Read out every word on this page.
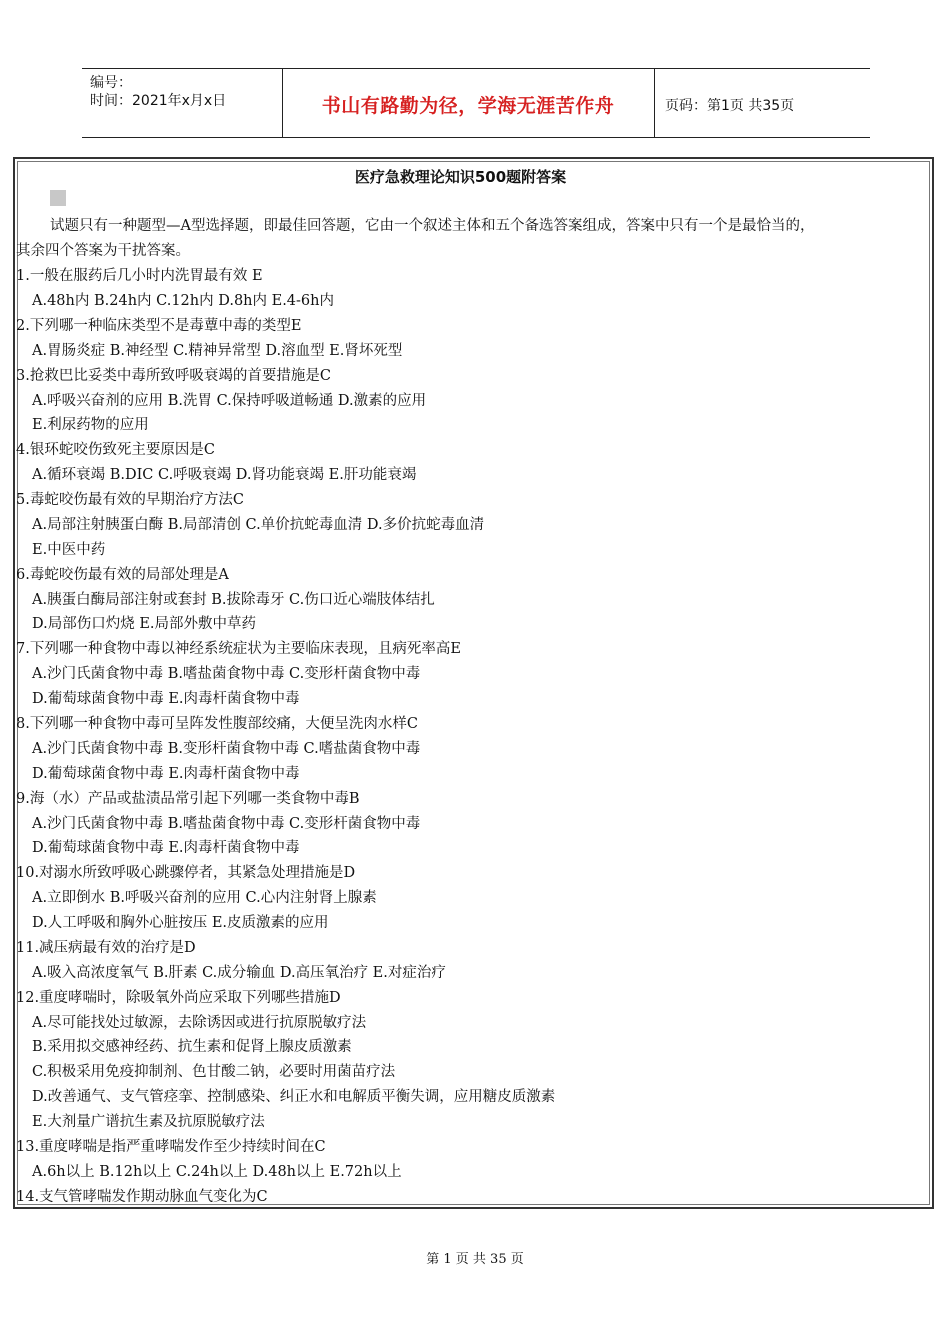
编号：
时间：2021年x月x日	书山有路勤为径，学海无涯苦作舟	页码：第1页 共35页
医疗急救理论知识500题附答案
试题只有一种题型—A型选择题，即最佳回答题，它由一个叙述主体和五个备选答案组成，答案中只有一个是最恰当的，
其余四个答案为干扰答案。
1.一般在服药后几小时内洗胃最有效 E
A.48h内 B.24h内 C.12h内 D.8h内 E.4-6h内
2.下列哪一种临床类型不是毒蕈中毒的类型E
A.胃肠炎症 B.神经型 C.精神异常型 D.溶血型 E.肾坏死型
3.抢救巴比妥类中毒所致呼吸衰竭的首要措施是C
A.呼吸兴奋剂的应用 B.洗胃 C.保持呼吸道畅通 D.激素的应用
E.利尿药物的应用
4.银环蛇咬伤致死主要原因是C
A.循环衰竭 B.DIC C.呼吸衰竭 D.肾功能衰竭 E.肝功能衰竭
5.毒蛇咬伤最有效的早期治疗方法C
A.局部注射胰蛋白酶 B.局部清创 C.单价抗蛇毒血清 D.多价抗蛇毒血清
E.中医中药
6.毒蛇咬伤最有效的局部处理是A
A.胰蛋白酶局部注射或套封 B.拔除毒牙 C.伤口近心端肢体结扎
D.局部伤口灼烧 E.局部外敷中草药
7.下列哪一种食物中毒以神经系统症状为主要临床表现，且病死率高E
A.沙门氏菌食物中毒 B.嗜盐菌食物中毒 C.变形杆菌食物中毒
D.葡萄球菌食物中毒 E.肉毒杆菌食物中毒
8.下列哪一种食物中毒可呈阵发性腹部绞痛，大便呈洗肉水样C
A.沙门氏菌食物中毒 B.变形杆菌食物中毒 C.嗜盐菌食物中毒
D.葡萄球菌食物中毒 E.肉毒杆菌食物中毒
9.海（水）产品或盐渍品常引起下列哪一类食物中毒B
A.沙门氏菌食物中毒 B.嗜盐菌食物中毒 C.变形杆菌食物中毒
D.葡萄球菌食物中毒 E.肉毒杆菌食物中毒
10.对溺水所致呼吸心跳骤停者，其紧急处理措施是D
A.立即倒水 B.呼吸兴奋剂的应用 C.心内注射肾上腺素
D.人工呼吸和胸外心脏按压 E.皮质激素的应用
11.减压病最有效的治疗是D
A.吸入高浓度氧气 B.肝素 C.成分输血 D.高压氧治疗 E.对症治疗
12.重度哮喘时，除吸氧外尚应采取下列哪些措施D
A.尽可能找处过敏源，去除诱因或进行抗原脱敏疗法
B.采用拟交感神经药、抗生素和促肾上腺皮质激素
C.积极采用免疫抑制剂、色甘酸二钠，必要时用菌苗疗法
D.改善通气、支气管痉挛、控制感染、纠正水和电解质平衡失调，应用糖皮质激素
E.大剂量广谱抗生素及抗原脱敏疗法
13.重度哮喘是指严重哮喘发作至少持续时间在C
A.6h以上 B.12h以上 C.24h以上 D.48h以上 E.72h以上
14.支气管哮喘发作期动脉血气变化为C
第 1 页 共 35 页
